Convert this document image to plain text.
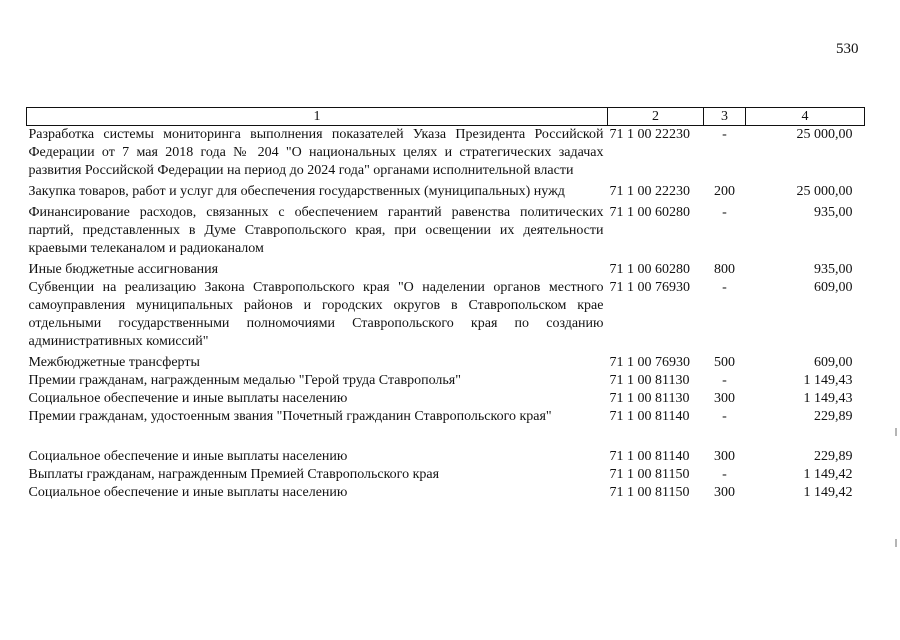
530
1	2	3	4
Разработка системы мониторинга выполнения показателей Указа Президента Российской Федерации от 7 мая 2018 года № 204 "О национальных целях и стратегических задачах развития Российской Федерации на период до 2024 года" органами исполнительной власти	71 1 00 22230	-	25 000,00
Закупка товаров, работ и услуг для обеспечения государственных (муниципальных) нужд	71 1 00 22230	200	25 000,00
Финансирование расходов, связанных с обеспечением гарантий равенства политических партий, представленных в Думе Ставропольского края, при освещении их деятельности краевыми телеканалом и радиоканалом	71 1 00 60280	-	935,00
Иные бюджетные ассигнования	71 1 00 60280	800	935,00
Субвенции на реализацию Закона Ставропольского края "О наделении органов местного самоуправления муниципальных районов и городских округов в Ставропольском крае отдельными государственными полномочиями Ставропольского края по созданию административных комиссий"	71 1 00 76930	-	609,00
Межбюджетные трансферты	71 1 00 76930	500	609,00
Премии гражданам, награжденным медалью "Герой труда Ставрополья"	71 1 00 81130	-	1 149,43
Социальное обеспечение и иные выплаты населению	71 1 00 81130	300	1 149,43
Премии гражданам, удостоенным звания "Почетный гражданин Ставропольского края"	71 1 00 81140	-	229,89
Социальное обеспечение и иные выплаты населению	71 1 00 81140	300	229,89
Выплаты гражданам, награжденным Премией Ставропольского края	71 1 00 81150	-	1 149,42
Социальное обеспечение и иные выплаты населению	71 1 00 81150	300	1 149,42
